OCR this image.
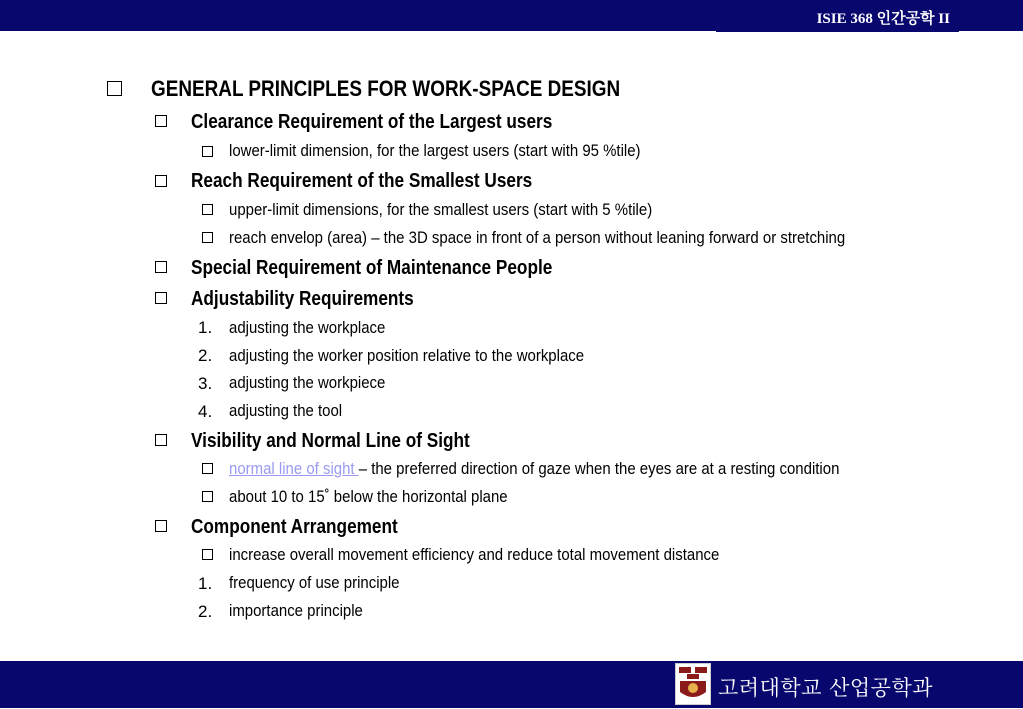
ISIE 368 인간공학 II
GENERAL PRINCIPLES FOR WORK-SPACE DESIGN
Clearance Requirement of the Largest users
lower-limit dimension, for the largest users (start with 95 %tile)
Reach Requirement of the Smallest Users
upper-limit dimensions, for the smallest users (start with 5 %tile)
reach envelop (area) – the 3D space in front of a person without leaning forward or stretching
Special Requirement of Maintenance People
Adjustability Requirements
1. adjusting the workplace
2. adjusting the worker position relative to the workplace
3. adjusting the workpiece
4. adjusting the tool
Visibility and Normal Line of Sight
normal line of sight – the preferred direction of gaze when the eyes are at a resting condition
about 10 to 15˚ below the horizontal plane
Component Arrangement
increase overall movement efficiency and reduce total movement distance
1. frequency of use principle
2. importance principle
고려대학교 산업공학과
